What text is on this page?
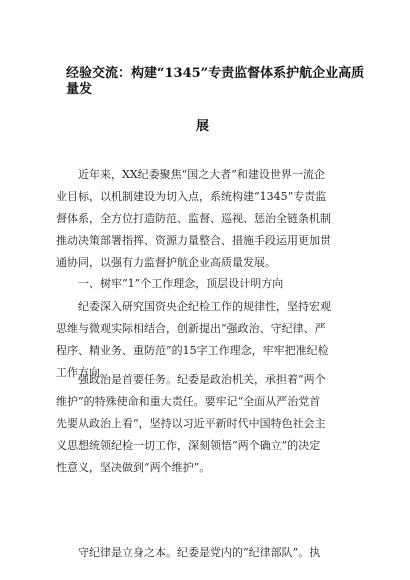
经验交流：构建“1345”专责监督体系护航企业高质量发
展
近年来，XX纪委聚焦“国之大者”和建设世界一流企
业目标，以机制建设为切入点，系统构建“1345”专责监
督体系，全方位打造防范、监督、巡视、惩治全链条机制
推动决策部署指挥、资源力量整合、措施手段运用更加贯
通协同，以强有力监督护航企业高质量发展。
一、树牢“1”个工作理念，顶层设计明方向
纪委深入研究国资央企纪检工作的规律性，坚持宏观
思维与微观实际相结合，创新提出“强政治、守纪律、严
程序、精业务、重防范”的15字工作理念，牢牢把准纪检
工作方向。
强政治是首要任务。纪委是政治机关，承担着“两个
维护”的特殊使命和重大责任。要牢记“全面从严治党首
先要从政治上看”，坚持以习近平新时代中国特色社会主
义思想统领纪检一切工作，深刻领悟“两个确立”的决定
性意义，坚决做到“两个维护”。
守纪律是立身之本。纪委是党内的“纪律部队”。执
